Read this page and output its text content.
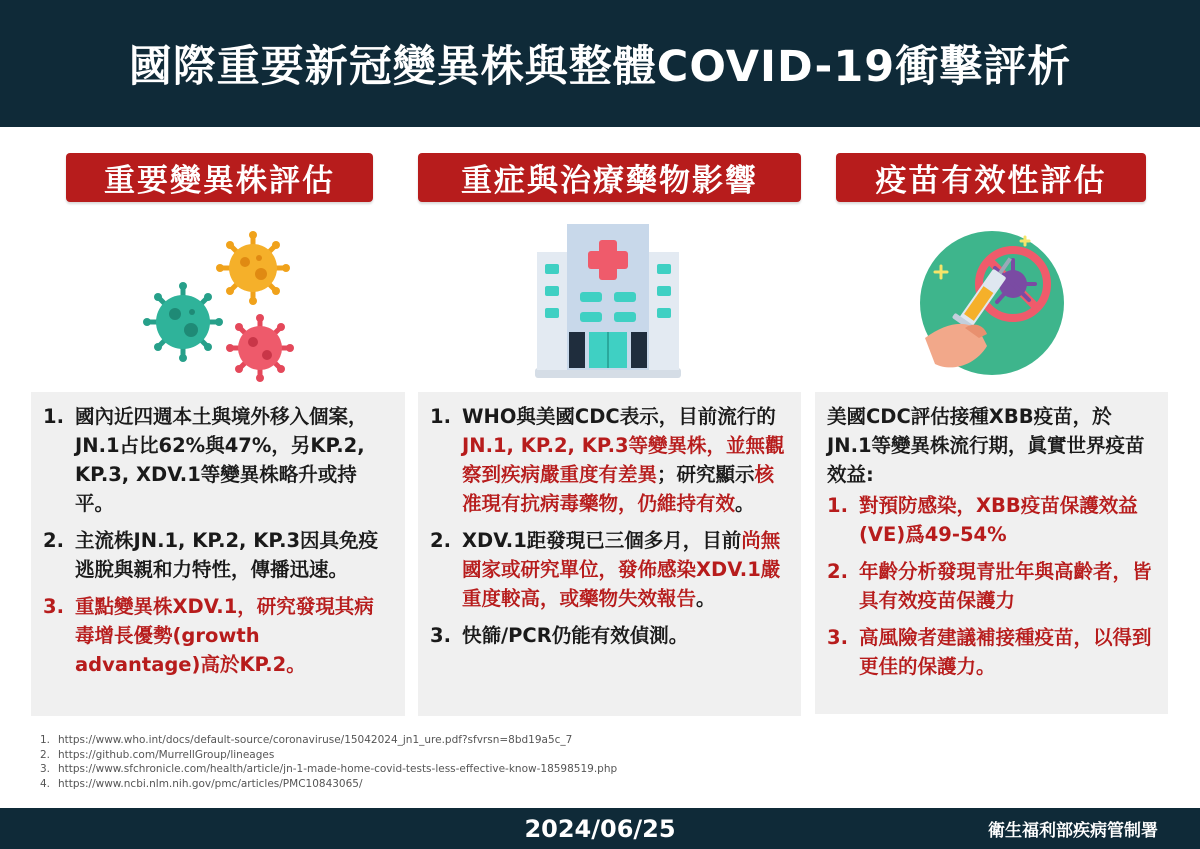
國際重要新冠變異株與整體COVID-19衝擊評析
重要變異株評估	重症與治療藥物影響	疫苗有效性評估
1. 國內近四週本土與境外移入個案，JN.1占比62%與47%，另KP.2, KP.3, XDV.1等變異株略升或持平。
2. 主流株JN.1, KP.2, KP.3因具免疫逃脫與親和力特性，傳播迅速。
3. 重點變異株XDV.1，研究發現其病毒增長優勢(growth advantage)高於KP.2。
1. WHO與美國CDC表示，目前流行的JN.1, KP.2, KP.3等變異株，並無觀察到疾病嚴重度有差異；研究顯示核准現有抗病毒藥物，仍維持有效。
2. XDV.1距發現已三個多月，目前尚無國家或研究單位，發佈感染XDV.1嚴重度較高，或藥物失效報告。
3. 快篩/PCR仍能有效偵測。

美國CDC評估接種XBB疫苗，於JN.1等變異株流行期，眞實世界疫苗效益:

1. 對預防感染，XBB疫苗保護效益(VE)爲49-54%
2. 年齡分析發現青壯年與高齡者，皆具有效疫苗保護力
3. 高風險者建議補接種疫苗，以得到更佳的保護力。
1. https://www.who.int/docs/default-source/coronaviruse/15042024_jn1_ure.pdf?sfvrsn=8bd19a5c_7
2. https://github.com/MurrellGroup/lineages
3. https://www.sfchronicle.com/health/article/jn-1-made-home-covid-tests-less-effective-know-18598519.php
4. https://www.ncbi.nlm.nih.gov/pmc/articles/PMC10843065/
2024/06/25	衛生福利部疾病管制署
